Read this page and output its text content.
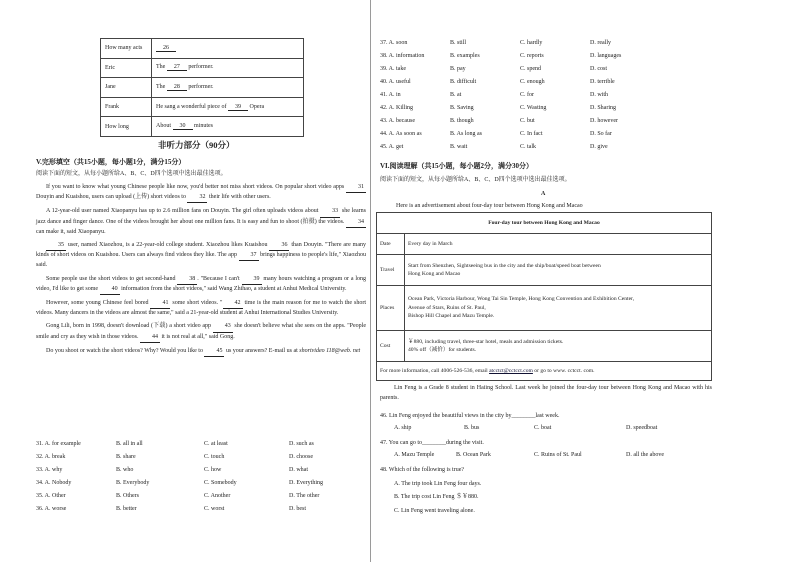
How many acts	26
Eric	The 27 performer.
Jane	The 28 performer.
Frank	He sang a wonderful piece of 39 Opera
How long	About 30 minutes
非听力部分（90分）
V.完形填空（共15小题，每小题1分，满分15分）
阅读下面的短文，从每小题所给A、B、C、D四个选项中选出最佳选项。

If you want to know what young Chinese people like now, you'd better not miss short videos. On popular short video apps 31 Douyin and Kuaishou, users can upload (上传) short videos to 32 their life with other users.

A 12-year-old user named Xiaopanyu has up to 2.6 million fans on Douyin. The girl often uploads videos about 33 she learns jazz dance and finger dance. One of the videos brought her about one million fans. It is easy and fun to shoot (拍摄) the videos. 34 can make it, said Xiaopanyu.

35 user, named Xiaozhou, is a 22-year-old college student. Xiaozhou likes Kuaishou 36 than Douyin. "There are many kinds of short videos on Kuaishou. Users can always find videos they like. The app 37 brings happiness to people's life," Xiaozhou said.

Some people use the short videos to get second-hand 38 . "Because I can't 39 many hours watching a program or a long video, I'd like to get some 40 information from the short videos," said Wang Zhihao, a student at Anhui Medical University.

However, some young Chinese feel bored 41 some short videos. " 42 time is the main reason for me to watch the short videos. Many dancers in the videos are almost the same," said a 21-year-old student at Anhui International Studies University.

Gong Lili, born in 1998, doesn't download (下载) a short video app 43 she doesn't believe what she sees on the apps. "People smile and cry as they wish in those videos. 44 it is not real at all," said Gong.

Do you shoot or watch the short videos? Why? Would you like to 45 us your answers? E-mail us at shortvideo 118@web. net

31. A. for example	B. all in all	C. at least	D. such as
32. A. break	B. share	C. touch	D. choose
33. A. why	B. who	C. how	D. what
34. A. Nobody	B. Everybody	C. Somebody	D. Everything
35. A. Other	B. Others	C. Another	D. The other
36. A. worse	B. better	C. worst	D. best
37. A. soon	B. still	C. hardly	D. really
38. A. information	B. examples	C. reports	D. languages
39. A. take	B. pay	C. spend	D. cost
40. A. useful	B. difficult	C. enough	D. terrible
41. A. in	B. at	C. for	D. with
42. A. Killing	B. Saving	C. Wasting	D. Sharing
43. A. because	B. though	C. but	D. however
44. A. As soon as	B. As long as	C. In fact	D. So far
45. A. get	B. wait	C. talk	D. give
VI.阅读理解（共15小题，每小题2分，满分30分）
阅读下面的短文，从每小题所给A、B、C、D四个选项中选出最佳选项。
A
Here is an advertisement about four-day tour between Hong Kong and Macao
Four-day tour between Hong Kong and Macao	
Date	Every day in March

Travel	Start from Shenzhen, Sightseeing bus in the city and the ship/boat/speed boat between
Hong Kong and Macao

Places	Ocean Park, Victoria Harbour, Wong Tai Sin Temple, Hong Kong Convention and Exhibition Center,
Avenue of Stars, Ruins of St. Paul,
Bishop Hill Chapel and Mazu Temple.

Cost	￥880, including travel, three-star hotel, meals and admission tickets.
40% off（减价）for students.

For more information, call 4006-526-536, email atcctct@cctcct.com or go to www. cctcct. com.	

Lin Feng is a Grade 8 student in Haiing School. Last week he joined the four-day tour between Hong Kong and Macao with his parents.

46. Lin Feng enjoyed the beautiful views in the city by________last week.
A. ship	B. bus	C. boat	D. speedboat
47. You can go to________during the visit.
A. Mazu Temple	B. Ocean Park	C. Ruins of St. Paul	D. all the above
48. Which of the following is true?
A. The trip took Lin Feng four days.
B. The trip cost Lin Feng ＄￥880.
C. Lin Feng went traveling alone.
